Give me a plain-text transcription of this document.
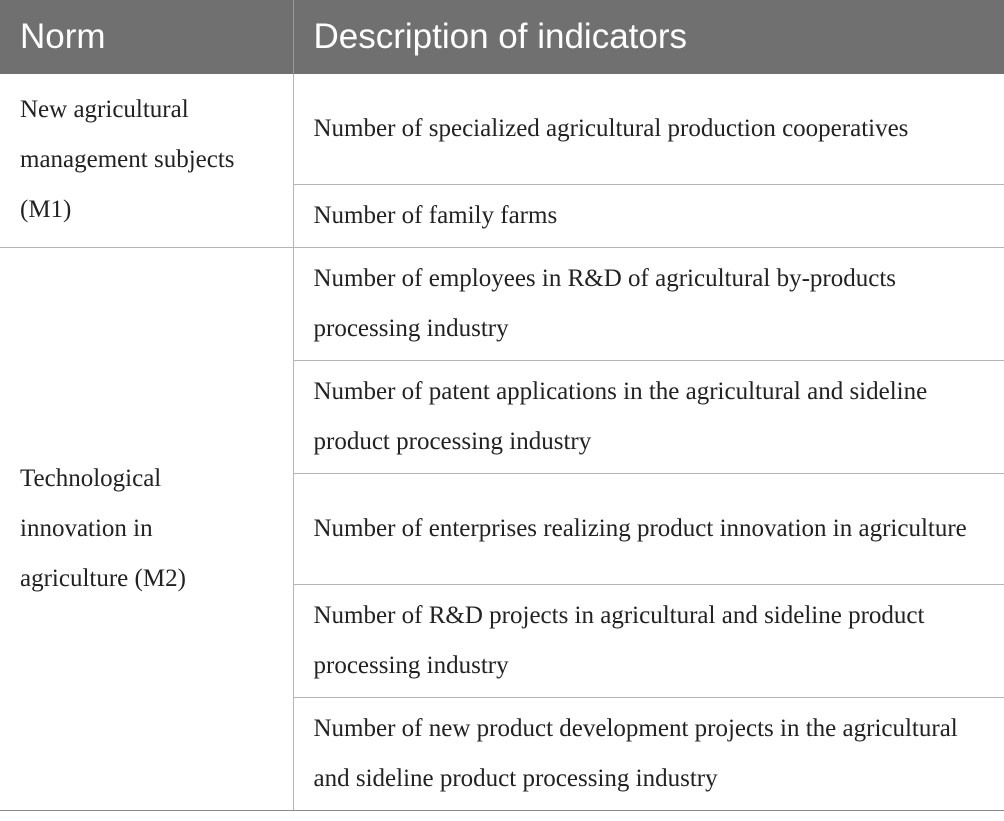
Norm	Description of indicators
New agricultural management subjects (M1)	Number of specialized agricultural production cooperatives
	Number of family farms
Technological innovation in agriculture (M2)	Number of employees in R&D of agricultural by-products processing industry
	Number of patent applications in the agricultural and sideline product processing industry
	Number of enterprises realizing product innovation in agriculture
	Number of R&D projects in agricultural and sideline product processing industry
	Number of new product development projects in the agricultural and sideline product processing industry
